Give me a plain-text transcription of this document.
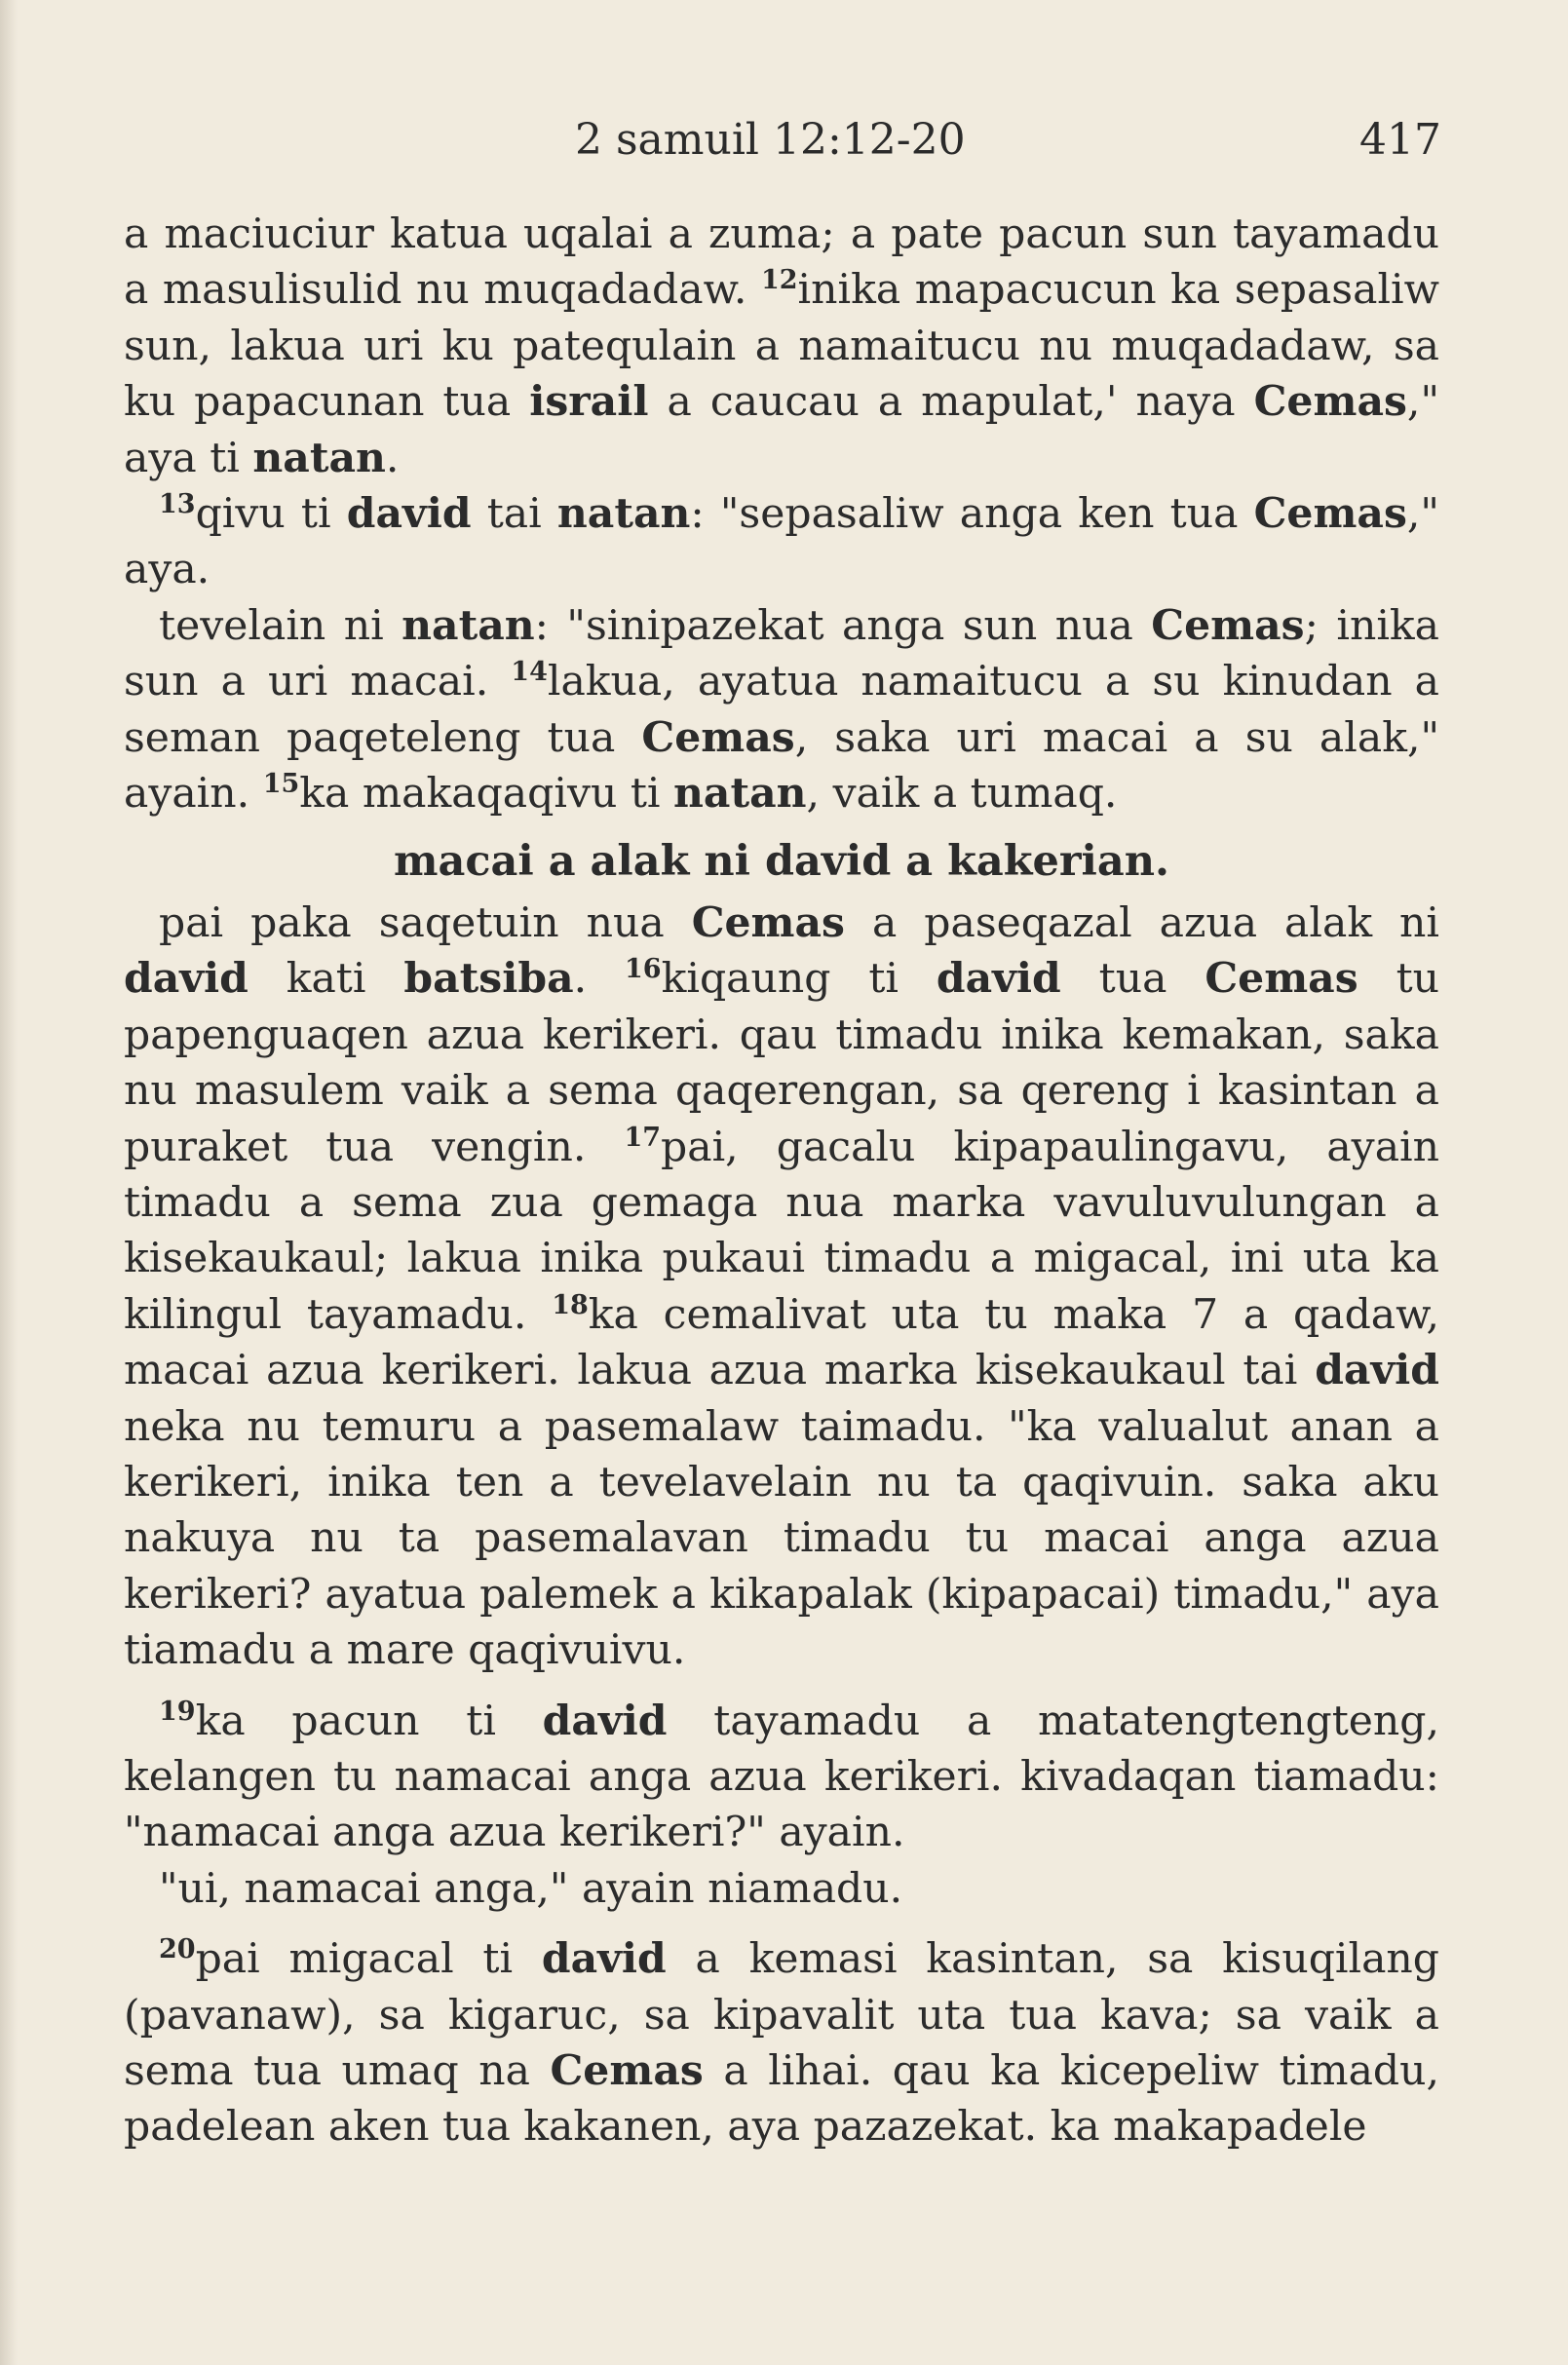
2 samuil 12:12-20	417

a maciuciur katua uqalai a zuma; a pate pacun sun tayamadu a masulisulid nu muqadadaw. $^{12}$inika mapacucun ka sepasaliw sun, lakua uri ku patequlain a namaitucu nu muqadadaw, sa ku papacunan tua israil a caucau a mapulat,' naya Cemas," aya ti natan.

$^{13}$qivu ti david tai natan: "sepasaliw anga ken tua Cemas," aya.

tevelain ni natan: "sinipazekat anga sun nua Cemas; inika sun a uri macai. $^{14}$lakua, ayatua namaitucu a su kinudan a seman paqeteleng tua Cemas, saka uri macai a su alak," ayain. $^{15}$ka makaqaqivu ti natan, vaik a tumaq.

macai a alak ni david a kakerian.

pai paka saqetuin nua Cemas a paseqazal azua alak ni david kati batsiba. $^{16}$kiqaung ti david tua Cemas tu papenguaqen azua kerikeri. qau timadu inika kemakan, saka nu masulem vaik a sema qaqerengan, sa qereng i kasintan a puraket tua vengin. $^{17}$pai, gacalu kipapaulingavu, ayain timadu a sema zua gemaga nua marka vavuluvulungan a kisekaukaul; lakua inika pukaui timadu a migacal, ini uta ka kilingul tayamadu. $^{18}$ka cemalivat uta tu maka 7 a qadaw, macai azua kerikeri. lakua azua marka kisekaukaul tai david neka nu temuru a pasemalaw taimadu. "ka valualut anan a kerikeri, inika ten a tevelavelain nu ta qaqivuin. saka aku nakuya nu ta pasemalavan timadu tu macai anga azua kerikeri? ayatua palemek a kikapalak (kipapacai) timadu," aya tiamadu a mare qaqivuivu.

$^{19}$ka pacun ti david tayamadu a matatengtengteng, kelangen tu namacai anga azua kerikeri. kivadaqan tiamadu: "namacai anga azua kerikeri?" ayain.

"ui, namacai anga," ayain niamadu.

$^{20}$pai migacal ti david a kemasi kasintan, sa kisuqilang (pavanaw), sa kigaruc, sa kipavalit uta tua kava; sa vaik a sema tua umaq na Cemas a lihai. qau ka kicepeliw timadu, padelean aken tua kakanen, aya pazazekat. ka makapadele
